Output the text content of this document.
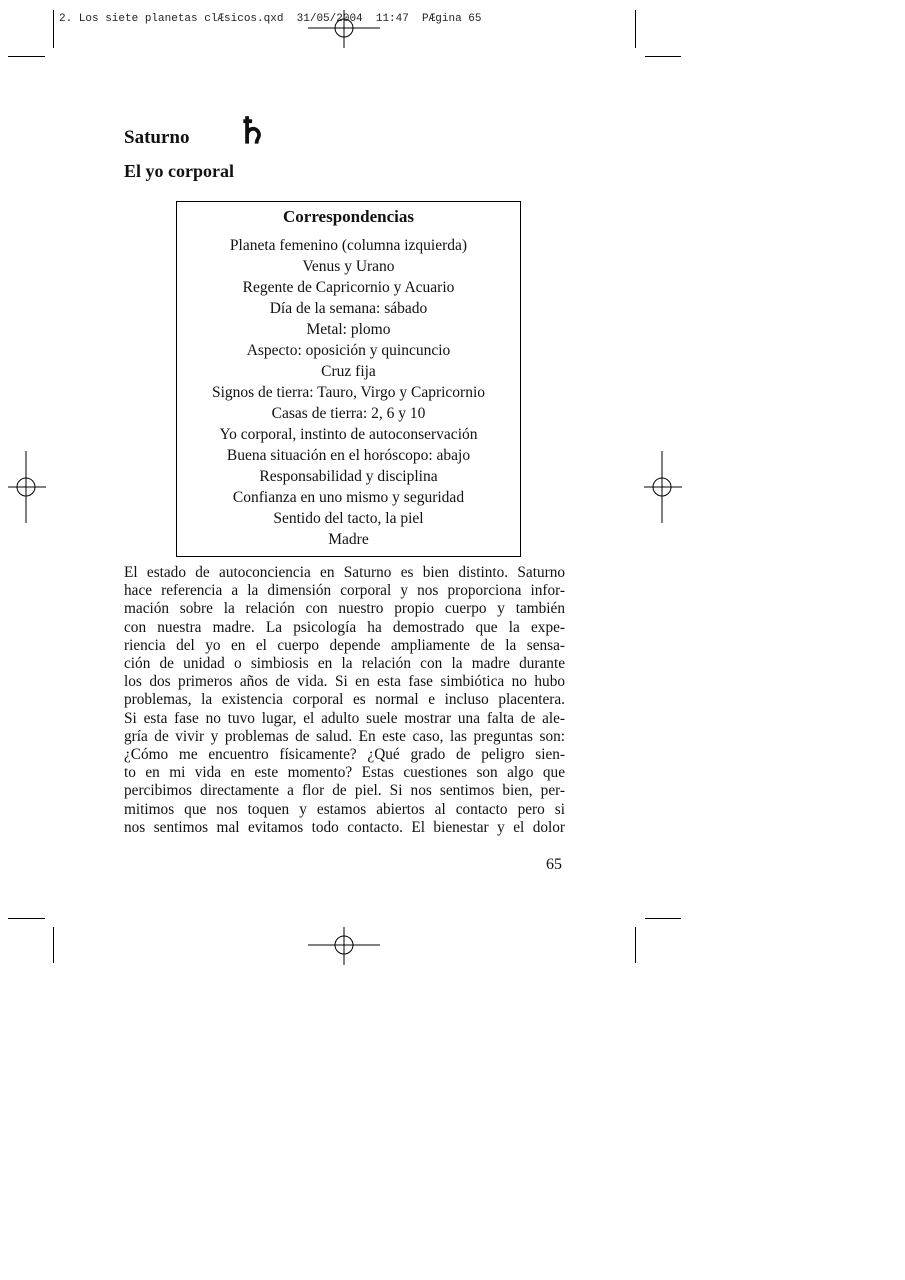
2. Los siete planetas clÆsicos.qxd  31/05/2004  11:47  PÆgina 65
Saturno ♄
El yo corporal
Correspondencias
Planeta femenino (columna izquierda)
Venus y Urano
Regente de Capricornio y Acuario
Día de la semana: sábado
Metal: plomo
Aspecto: oposición y quincuncio
Cruz fija
Signos de tierra: Tauro, Virgo y Capricornio
Casas de tierra: 2, 6 y 10
Yo corporal, instinto de autoconservación
Buena situación en el horóscopo: abajo
Responsabilidad y disciplina
Confianza en uno mismo y seguridad
Sentido del tacto, la piel
Madre
El estado de autoconciencia en Saturno es bien distinto. Saturno
hace referencia a la dimensión corporal y nos proporciona infor-
mación sobre la relación con nuestro propio cuerpo y también
con nuestra madre. La psicología ha demostrado que la expe-
riencia del yo en el cuerpo depende ampliamente de la sensa-
ción de unidad o simbiosis en la relación con la madre durante
los dos primeros años de vida. Si en esta fase simbiótica no hubo
problemas, la existencia corporal es normal e incluso placentera.
Si esta fase no tuvo lugar, el adulto suele mostrar una falta de ale-
gría de vivir y problemas de salud. En este caso, las preguntas son:
¿Cómo me encuentro físicamente? ¿Qué grado de peligro sien-
to en mi vida en este momento? Estas cuestiones son algo que
percibimos directamente a flor de piel. Si nos sentimos bien, per-
mitimos que nos toquen y estamos abiertos al contacto pero si
nos sentimos mal evitamos todo contacto. El bienestar y el dolor
65
